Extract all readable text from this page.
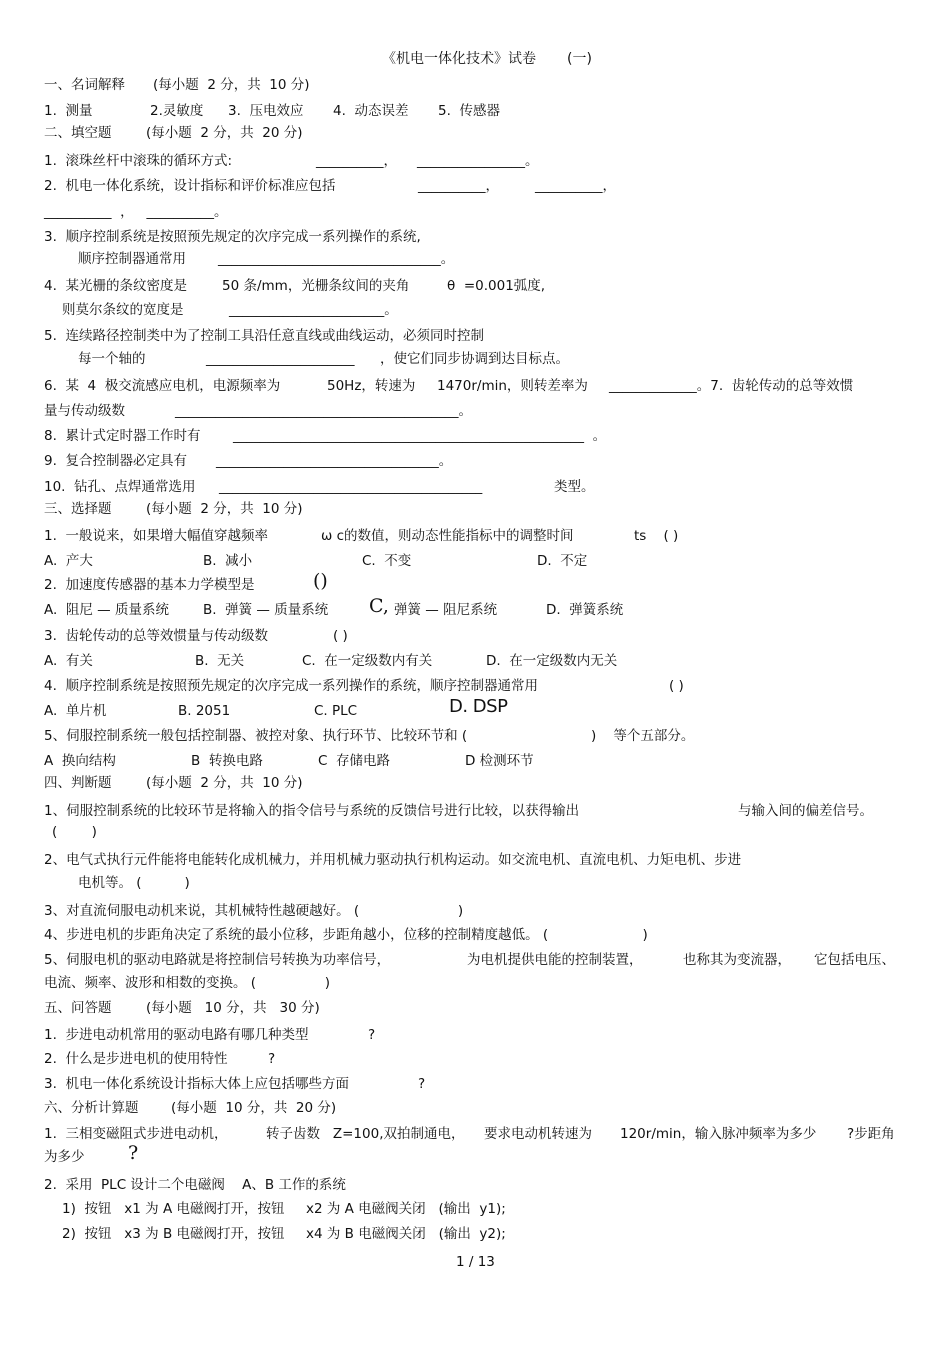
《机电一体化技术》试卷 (一)
一、名词解释 (每小题  2 分，共  10 分)
1.  测量	2.灵敏度 3.  压电效应 4.  动态误差 5.  传感器
二、填空题	(每小题  2 分，共  20 分)
1.  滚珠丝杆中滚珠的循环方式:	__________， ________________。
2.  机电一体化系统，设计指标和评价标准应包括	__________，	__________，
__________  ，   __________。
3.  顺序控制系统是按照预先规定的次序完成一系列操作的系统,
顺序控制器通常用 _________________________________。
4.  某光栅的条纹密度是	50 条/mm，光栅条纹间的夹角	θ  =0.001弧度,
则莫尔条纹的宽度是	_______________________。
5.  连续路径控制类中为了控制工具沿任意直线或曲线运动，必须同时控制
每一个轴的	______________________ ，使它们同步协调到达目标点。
6.  某  4  极交流感应电机，电源频率为	50Hz，转速为 1470r/min，则转差率为 _____________。7.  齿轮传动的总等效惯
量与传动级数	__________________________________________。
8.  累计式定时器工作时有 ____________________________________________________  。
9.  复合控制器必定具有 _________________________________。
10.  钻孔、点焊通常选用 _______________________________________	类型。
三、选择题	(每小题  2 分，共  10 分)
1.  一般说来，如果增大幅值穿越频率	ω c的数值，则动态性能指标中的调整时间	ts    ( )
A.  产大	B.  减小	C.  不变	D.  不定
2.  加速度传感器的基本力学模型是	()
A.  阻尼 — 质量系统	B.  弹簧 — 质量系统 C, 弹簧 — 阻尼系统	D.  弹簧系统
3.  齿轮传动的总等效惯量与传动级数	( )
A.  有关	B.  无关	C.  在一定级数内有关	D.  在一定级数内无关
4.  顺序控制系统是按照预先规定的次序完成一系列操作的系统，顺序控制器通常用	( )
A.  单片机	B. 2051	C. PLC	D. DSP
5、伺服控制系统一般包括控制器、被控对象、执行环节、比较环节和 (	)    等个五部分。
A  换向结构	B  转换电路	C  存储电路	D 检测环节
四、判断题	(每小题  2 分，共  10 分)
1、伺服控制系统的比较环节是将输入的指令信号与系统的反馈信号进行比较，以获得输出	与输入间的偏差信号。
(        )
2、电气式执行元件能将电能转化成机械力，并用机械力驱动执行机构运动。如交流电机、直流电机、力矩电机、步进
电机等。 (          )
3、对直流伺服电动机来说，其机械特性越硬越好。 (                       )
4、步进电机的步距角决定了系统的最小位移，步距角越小，位移的控制精度越低。 (                      )
5、伺服电机的驱动电路就是将控制信号转换为功率信号，	为电机提供电能的控制装置，	也称其为变流器， 它包括电压、
电流、频率、波形和相数的变换。 (                )
五、问答题	(每小题   10 分，共   30 分)
1.  步进电动机常用的驱动电路有哪几种类型	?
2.  什么是步进电机的使用特性	?
3.  机电一体化系统设计指标大体上应包括哪些方面	?
六、分析计算题 (每小题  10 分，共  20 分)
1.  三相变磁阻式步进电动机，	转子齿数   Z=100,双拍制通电， 要求电动机转速为 120r/min，输入脉冲频率为多少 ?步距角
为多少 ?
2.  采用  PLC 设计二个电磁阀    A、B 工作的系统
1)  按钮   x1 为 A 电磁阀打开，按钮     x2 为 A 电磁阀关闭   (输出  y1);
2)  按钮   x3 为 B 电磁阀打开，按钮     x4 为 B 电磁阀关闭   (输出  y2);
1 / 13
